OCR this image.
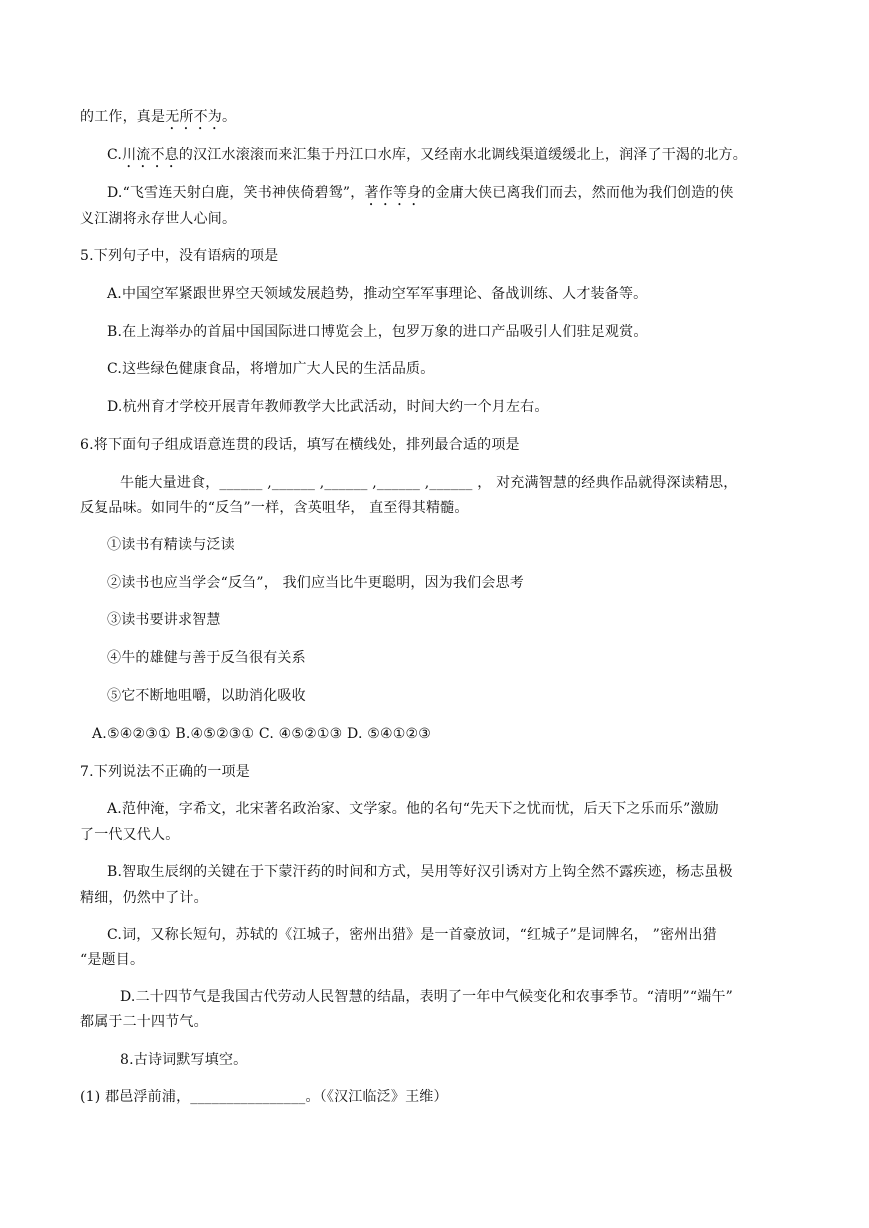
的工作，真是无所不为。
C.川流不息的汉江水滚滚而来汇集于丹江口水库，又经南水北调线渠道缓缓北上，润泽了干渴的北方。
D.“飞雪连天射白鹿，笑书神侠倚碧鸳”，著作等身的金庸大侠已离我们而去，然而他为我们创造的侠
义江湖将永存世人心间。
5.下列句子中，没有语病的项是
A.中国空军紧跟世界空天领域发展趋势，推动空军军事理论、备战训练、人才装备等。
B.在上海举办的首届中国国际进口博览会上，包罗万象的进口产品吸引人们驻足观赏。
C.这些绿色健康食品，将增加广大人民的生活品质。
D.杭州育才学校开展青年教师教学大比武活动，时间大约一个月左右。
6.将下面句子组成语意连贯的段话，填写在横线处，排列最合适的项是
牛能大量进食，______ ,______ ,______ ,______ ,______ ， 对充满智慧的经典作品就得深读精思，
反复品味。如同牛的“反刍”一样，含英咀华， 直至得其精髓。
①读书有精读与泛读
②读书也应当学会“反刍”， 我们应当比牛更聪明，因为我们会思考
③读书要讲求智慧
④牛的雄健与善于反刍很有关系
⑤它不断地咀嚼，以助消化吸收
A.⑤④②③① B.④⑤②③① C. ④⑤②①③ D. ⑤④①②③
7.下列说法不正确的一项是
A.范仲淹，字希文，北宋著名政治家、文学家。他的名句“先天下之忧而忧，后天下之乐而乐”激励
了一代又代人。
B.智取生辰纲的关键在于下蒙汗药的时间和方式，吴用等好汉引诱对方上钩全然不露疾迹，杨志虽极
精细，仍然中了计。
C.词，又称长短句，苏轼的《江城子，密州出猎》是一首豪放词，“红城子”是词牌名， ”密州出猎
“是题目。
D.二十四节气是我国古代劳动人民智慧的结晶，表明了一年中气候变化和农事季节。“清明”“端午”
都属于二十四节气。
8.古诗词默写填空。
(1) 郡邑浮前浦，________________。（《汉江临泛》王维）
